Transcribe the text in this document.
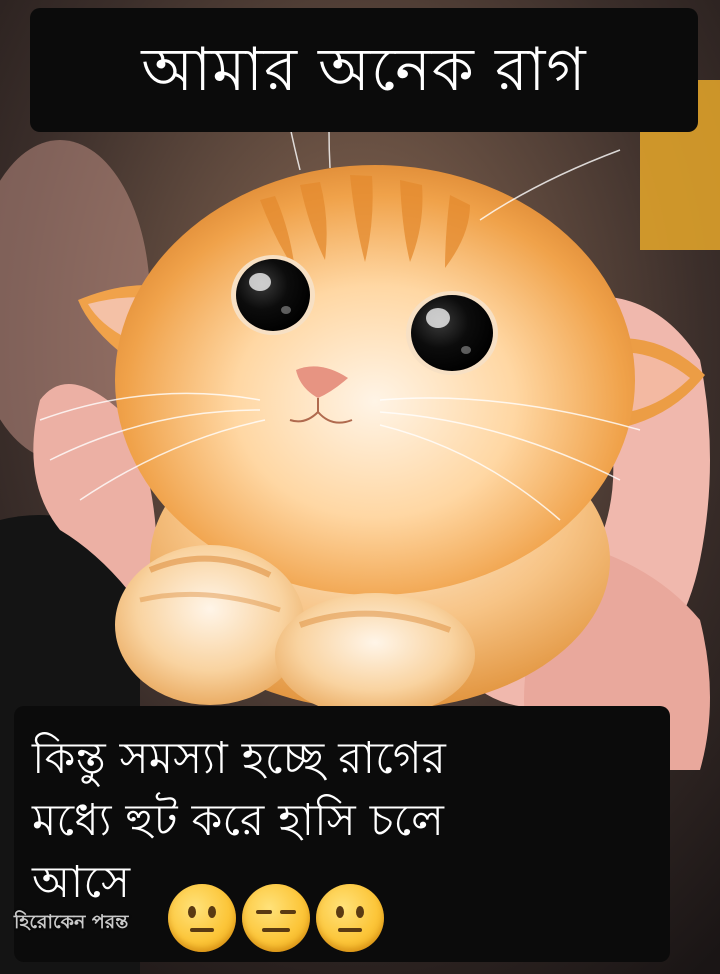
আমার অনেক রাগ
কিন্তু সমস্যা হচ্ছে রাগের
মধ্যে হুট করে হাসি চলে
আসে
হিরোকেন পরন্ত
